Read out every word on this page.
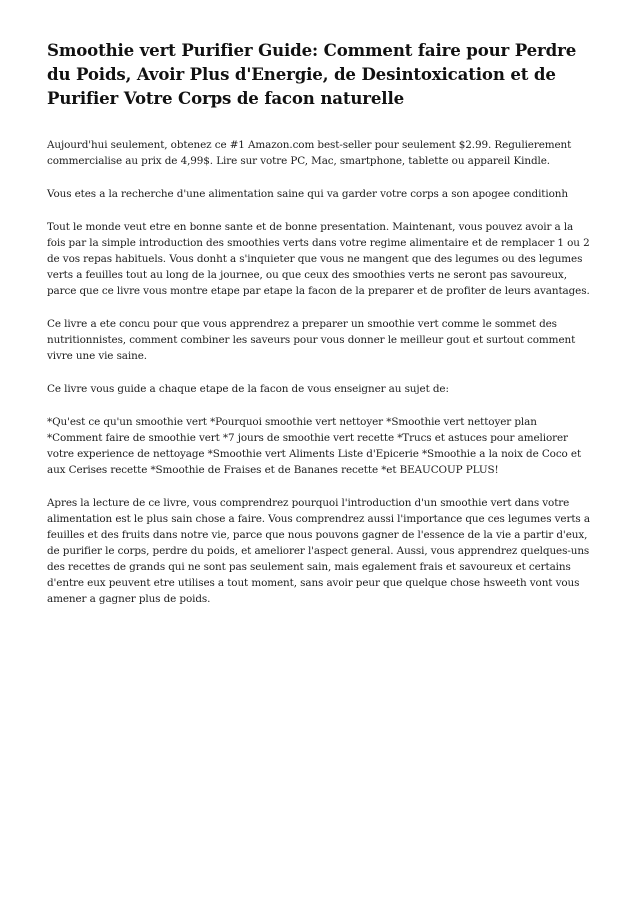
Smoothie vert Purifier Guide: Comment faire pour Perdre du Poids, Avoir Plus d'Energie, de Desintoxication et de Purifier Votre Corps de facon naturelle

Aujourd'hui seulement, obtenez ce #1 Amazon.com best-seller pour seulement $2.99. Regulierement commercialise au prix de 4,99$. Lire sur votre PC, Mac, smartphone, tablette ou appareil Kindle.

Vous etes a la recherche d'une alimentation saine qui va garder votre corps a son apogee conditionh

Tout le monde veut etre en bonne sante et de bonne presentation. Maintenant, vous pouvez avoir a la fois par la simple introduction des smoothies verts dans votre regime alimentaire et de remplacer 1 ou 2 de vos repas habituels. Vous donht a s'inquieter que vous ne mangent que des legumes ou des legumes verts a feuilles tout au long de la journee, ou que ceux des smoothies verts ne seront pas savoureux, parce que ce livre vous montre etape par etape la facon de la preparer et de profiter de leurs avantages.

Ce livre a ete concu pour que vous apprendrez a preparer un smoothie vert comme le sommet des nutritionnistes, comment combiner les saveurs pour vous donner le meilleur gout et surtout comment vivre une vie saine.

Ce livre vous guide a chaque etape de la facon de vous enseigner au sujet de:

*Qu'est ce qu'un smoothie vert *Pourquoi smoothie vert nettoyer *Smoothie vert nettoyer plan *Comment faire de smoothie vert *7 jours de smoothie vert recette *Trucs et astuces pour ameliorer votre experience de nettoyage *Smoothie vert Aliments Liste d'Epicerie *Smoothie a la noix de Coco et aux Cerises recette *Smoothie de Fraises et de Bananes recette *et BEAUCOUP PLUS!

Apres la lecture de ce livre, vous comprendrez pourquoi l'introduction d'un smoothie vert dans votre alimentation est le plus sain chose a faire. Vous comprendrez aussi l'importance que ces legumes verts a feuilles et des fruits dans notre vie, parce que nous pouvons gagner de l'essence de la vie a partir d'eux, de purifier le corps, perdre du poids, et ameliorer l'aspect general. Aussi, vous apprendrez quelques-uns des recettes de grands qui ne sont pas seulement sain, mais egalement frais et savoureux et certains d'entre eux peuvent etre utilises a tout moment, sans avoir peur que quelque chose hsweeth vont vous amener a gagner plus de poids.
